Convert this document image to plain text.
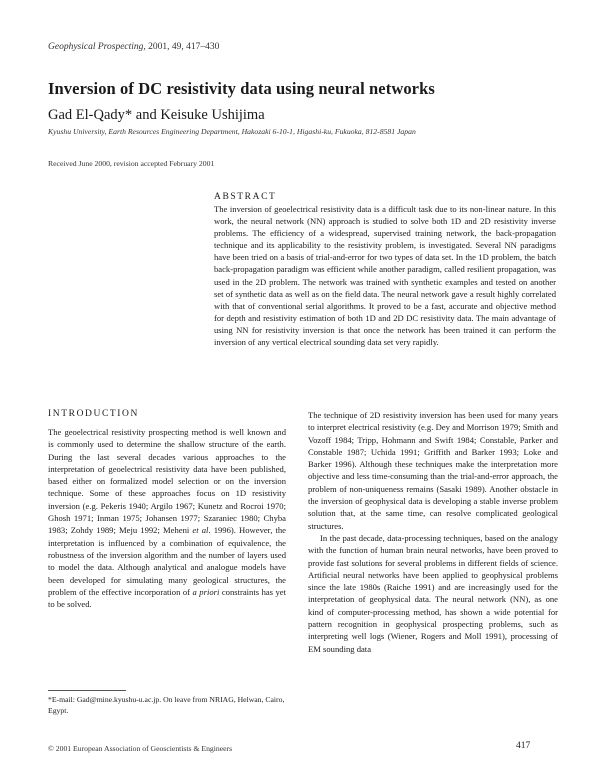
Geophysical Prospecting, 2001, 49, 417–430
Inversion of DC resistivity data using neural networks
Gad El-Qady* and Keisuke Ushijima
Kyushu University, Earth Resources Engineering Department, Hakozaki 6-10-1, Higashi-ku, Fukuoka, 812-8581 Japan
Received June 2000, revision accepted February 2001
ABSTRACT
The inversion of geoelectrical resistivity data is a difficult task due to its non-linear nature. In this work, the neural network (NN) approach is studied to solve both 1D and 2D resistivity inverse problems. The efficiency of a widespread, supervised training network, the back-propagation technique and its applicability to the resistivity problem, is investigated. Several NN paradigms have been tried on a basis of trial-and-error for two types of data set. In the 1D problem, the batch back-propagation paradigm was efficient while another paradigm, called resilient propagation, was used in the 2D problem. The network was trained with synthetic examples and tested on another set of synthetic data as well as on the field data. The neural network gave a result highly correlated with that of conventional serial algorithms. It proved to be a fast, accurate and objective method for depth and resistivity estimation of both 1D and 2D DC resistivity data. The main advantage of using NN for resistivity inversion is that once the network has been trained it can perform the inversion of any vertical electrical sounding data set very rapidly.
INTRODUCTION

The geoelectrical resistivity prospecting method is well known and is commonly used to determine the shallow structure of the earth. During the last several decades various approaches to the interpretation of geoelectrical resistivity data have been published, based either on formalized model selection or on the inversion technique. Some of these approaches focus on 1D resistivity inversion (e.g. Pekeris 1940; Argilo 1967; Kunetz and Rocroi 1970; Ghosh 1971; Inman 1975; Johansen 1977; Szaraniec 1980; Chyba 1983; Zohdy 1989; Meju 1992; Meheni et al. 1996). However, the interpretation is influenced by a combination of equivalence, the robustness of the inversion algorithm and the number of layers used to model the data. Although analytical and analogue models have been developed for simulating many geological structures, the problem of the effective incorporation of a priori constraints has yet to be solved.

The technique of 2D resistivity inversion has been used for many years to interpret electrical resistivity (e.g. Dey and Morrison 1979; Smith and Vozoff 1984; Tripp, Hohmann and Swift 1984; Constable, Parker and Constable 1987; Uchida 1991; Griffith and Barker 1993; Loke and Barker 1996). Although these techniques make the interpretation more objective and less time-consuming than the trial-and-error approach, the problem of non-uniqueness remains (Sasaki 1989). Another obstacle in the inversion of geophysical data is developing a stable inverse problem solution that, at the same time, can resolve complicated geological structures.

In the past decade, data-processing techniques, based on the analogy with the function of human brain neural networks, have been proved to provide fast solutions for several problems in different fields of science. Artificial neural networks have been applied to geophysical problems since the late 1980s (Raiche 1991) and are increasingly used for the interpretation of geophysical data. The neural network (NN), as one kind of computer-processing method, has shown a wide potential for pattern recognition in geophysical prospecting problems, such as interpreting well logs (Wiener, Rogers and Moll 1991), processing of EM sounding data

*E-mail: Gad@mine.kyushu-u.ac.jp. On leave from NRIAG, Helwan, Cairo, Egypt.
© 2001 European Association of Geoscientists & Engineers	417
